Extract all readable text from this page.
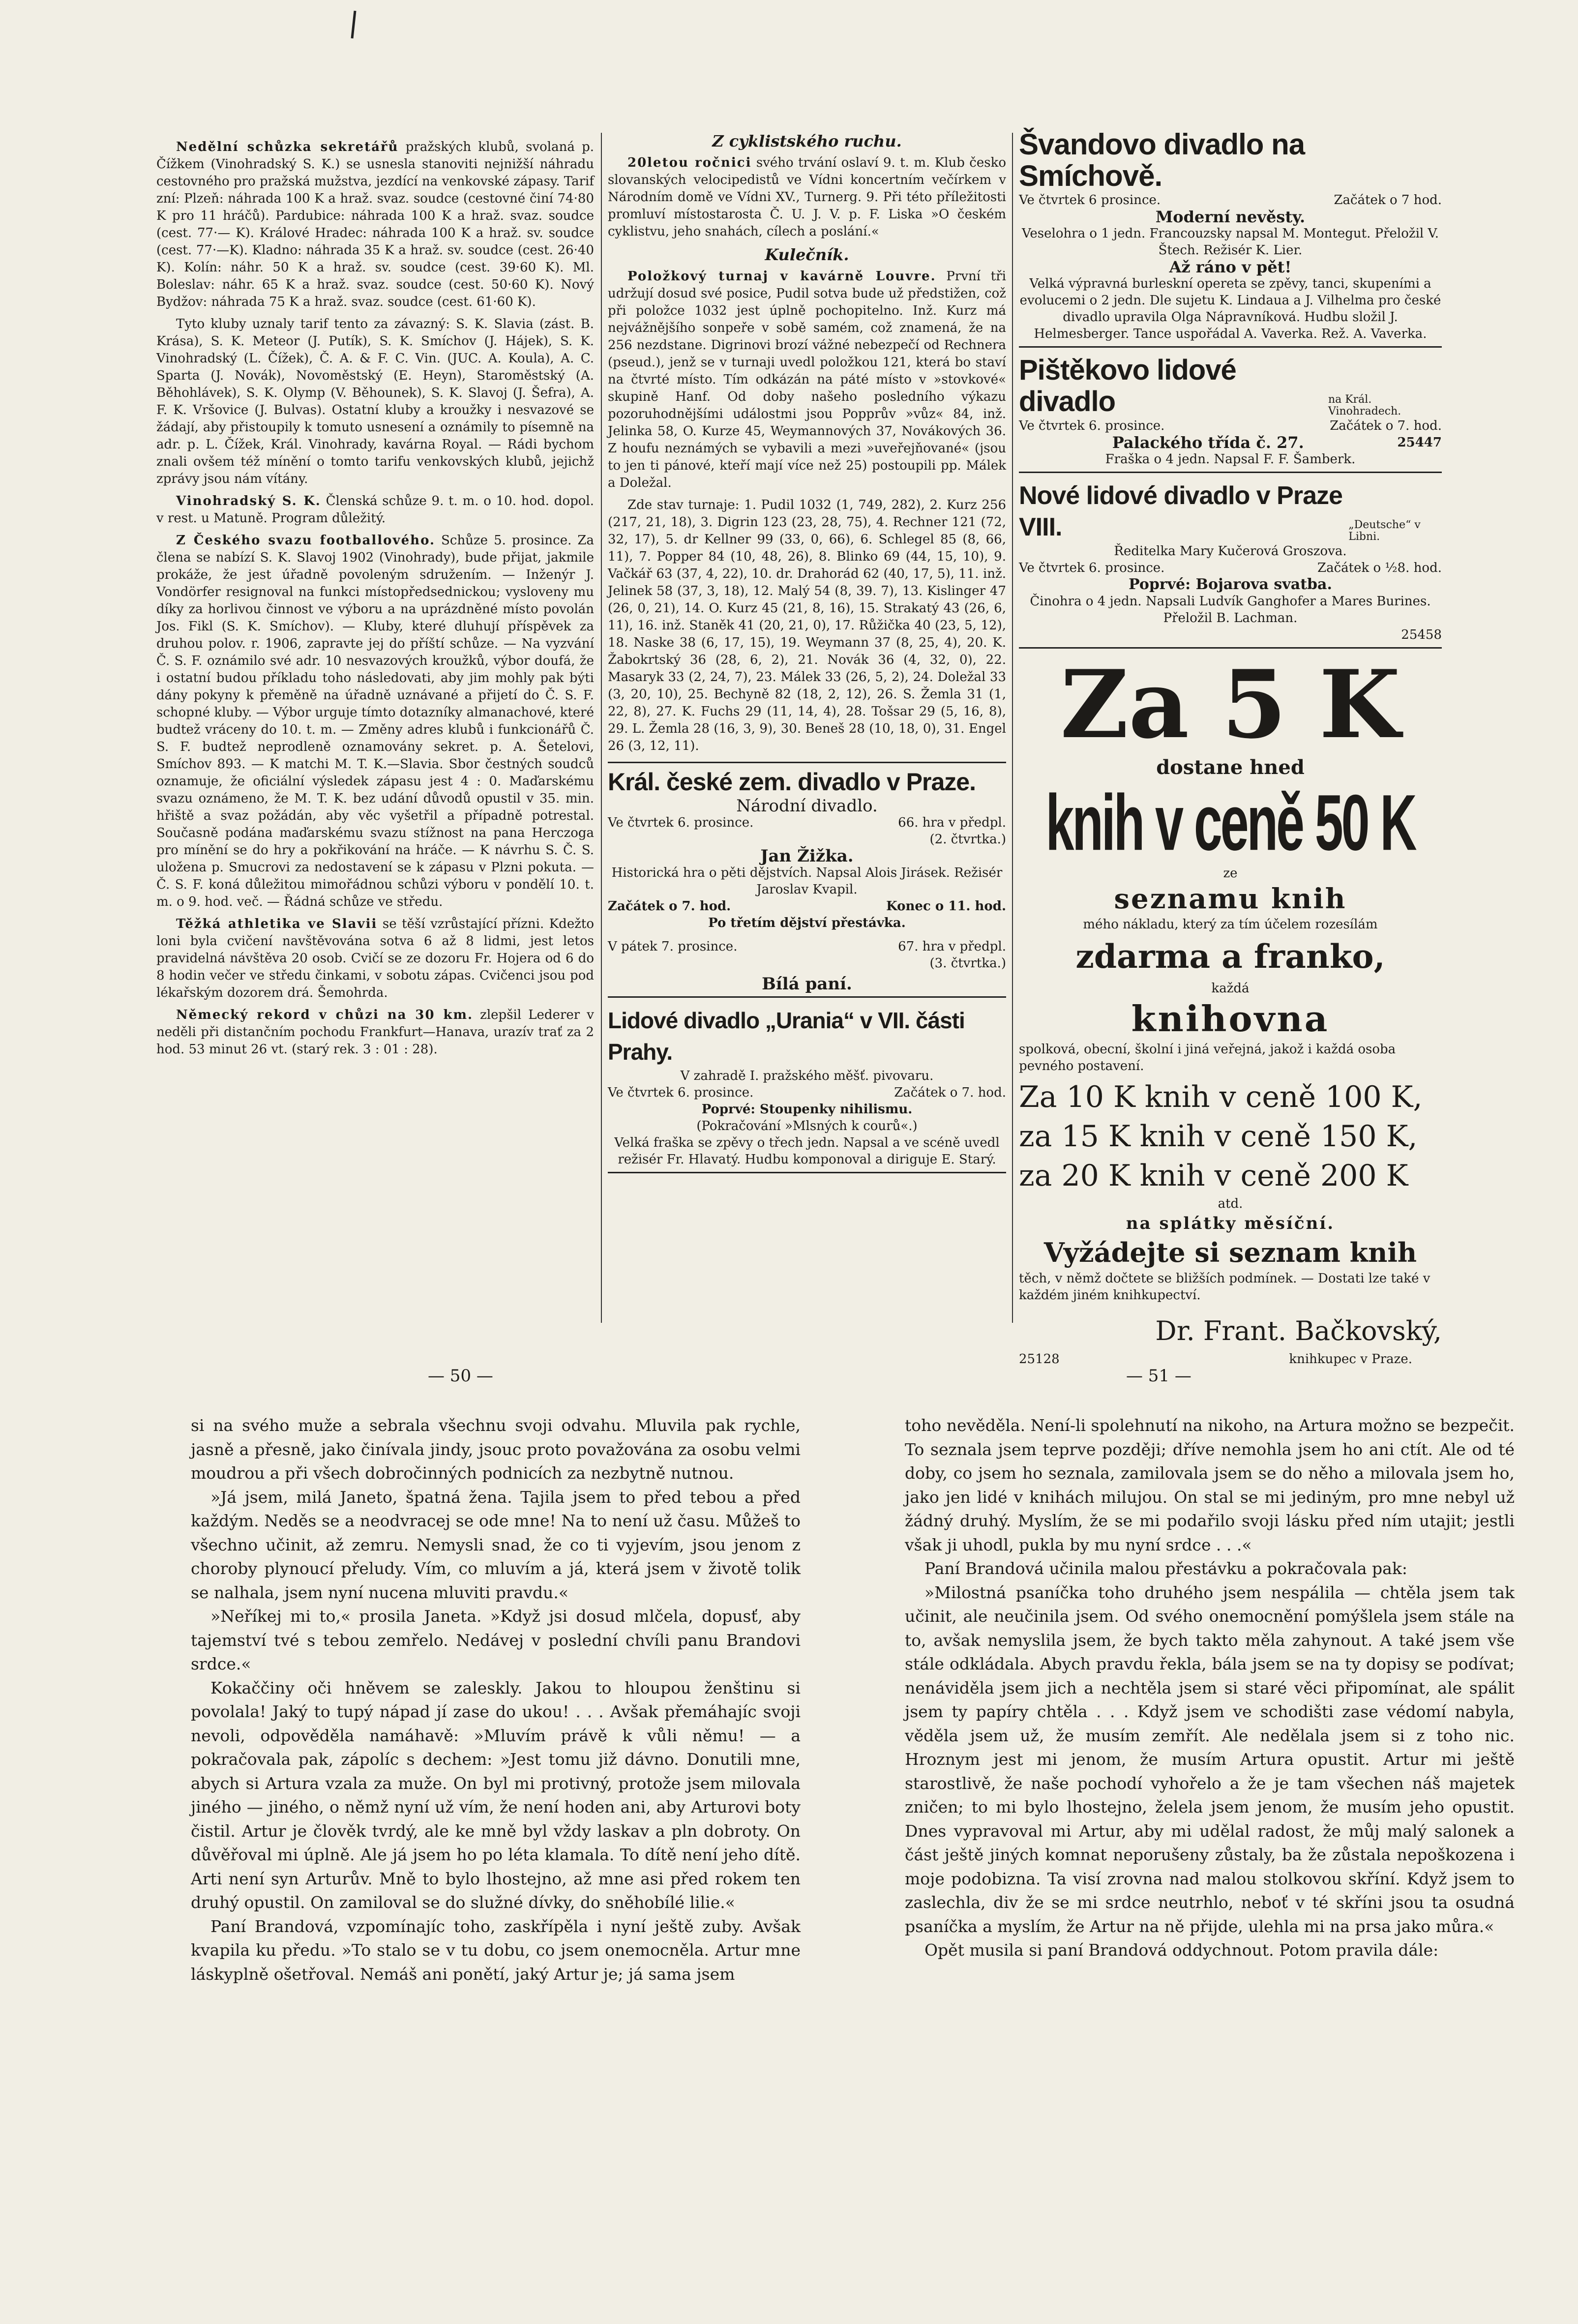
Nedělní schůzka sekretářů pražských klubů, svolaná p. Čížkem (Vinohradský S. K.) se usnesla stanoviti nejnižší náhradu cestovného pro pražská mužstva, jezdící na venkovské zápasy. Tarif zní: Plzeň: náhrada 100 K a hraž. svaz. soudce (cestovné činí 74·80 K pro 11 hráčů). Pardubice: náhrada 100 K a hraž. svaz. soudce (cest. 77·— K). Králové Hradec: náhrada 100 K a hraž. sv. soudce (cest. 77·—K). Kladno: náhrada 35 K a hraž. sv. soudce (cest. 26·40 K). Kolín: náhr. 50 K a hraž. sv. soudce (cest. 39·60 K). Ml. Boleslav: náhr. 65 K a hraž. svaz. soudce (cest. 50·60 K). Nový Bydžov: náhrada 75 K a hraž. svaz. soudce (cest. 61·60 K).

Tyto kluby uznaly tarif tento za závazný: S. K. Slavia (zást. B. Krása), S. K. Meteor (J. Putík), S. K. Smíchov (J. Hájek), S. K. Vinohradský (L. Čížek), Č. A. & F. C. Vin. (JUC. A. Koula), A. C. Sparta (J. Novák), Novoměstský (E. Heyn), Staroměstský (A. Běhohlávek), S. K. Olymp (V. Běhounek), S. K. Slavoj (J. Šefra), A. F. K. Vršovice (J. Bulvas). Ostatní kluby a kroužky i nesvazové se žádají, aby přistoupily k tomuto usnesení a oznámily to písemně na adr. p. L. Čížek, Král. Vinohrady, kavárna Royal. — Rádi bychom znali ovšem též mínění o tomto tarifu venkovských klubů, jejichž zprávy jsou nám vítány.

Vinohradský S. K. Členská schůze 9. t. m. o 10. hod. dopol. v rest. u Matuně. Program důležitý.

Z Českého svazu footballového. Schůze 5. prosince. Za člena se nabízí S. K. Slavoj 1902 (Vinohrady), bude přijat, jakmile prokáže, že jest úřadně povoleným sdružením. — Inženýr J. Vondörfer resignoval na funkci místopředsednickou; vysloveny mu díky za horlivou činnost ve výboru a na uprázdněné místo povolán Jos. Fikl (S. K. Smíchov). — Kluby, které dluhují příspěvek za druhou polov. r. 1906, zapravte jej do příští schůze. — Na vyzvání Č. S. F. oznámilo své adr. 10 nesvazových kroužků, výbor doufá, že i ostatní budou příkladu toho následovati, aby jim mohly pak býti dány pokyny k přeměně na úřadně uznávané a přijetí do Č. S. F. schopné kluby. — Výbor urguje tímto dotazníky almanachové, které budtež vráceny do 10. t. m. — Změny adres klubů i funkcionářů Č. S. F. budtež neprodleně oznamovány sekret. p. A. Šetelovi, Smíchov 893. — K matchi M. T. K.—Slavia. Sbor čestných soudců oznamuje, že oficiální výsledek zápasu jest 4 : 0. Maďarskému svazu oznámeno, že M. T. K. bez udání důvodů opustil v 35. min. hřiště a svaz požádán, aby věc vyšetřil a případně potrestal. Současně podána maďarskému svazu stížnost na pana Herczoga pro mínění se do hry a pokřikování na hráče. — K návrhu S. Č. S. uložena p. Smucrovi za nedostavení se k zápasu v Plzni pokuta. — Č. S. F. koná důležitou mimořádnou schůzi výboru v pondělí 10. t. m. o 9. hod. več. — Řádná schůze ve středu.

Těžká athletika ve Slavii se těší vzrůstající přízni. Kdežto loni byla cvičení navštěvována sotva 6 až 8 lidmi, jest letos pravidelná návštěva 20 osob. Cvičí se ze dozoru Fr. Hojera od 6 do 8 hodin večer ve středu činkami, v sobotu zápas. Cvičenci jsou pod lékařským dozorem drá. Šemohrda.

Německý rekord v chůzi na 30 km. zlepšil Lederer v neděli při distančním pochodu Frankfurt—Hanava, urazív trať za 2 hod. 53 minut 26 vt. (starý rek. 3 : 01 : 28).

Z cyklistského ruchu.

20letou ročnici svého trvání oslaví 9. t. m. Klub česko slovanských velocipedistů ve Vídni koncertním večírkem v Národním domě ve Vídni XV., Turnerg. 9. Při této příležitosti promluví místostarosta Č. U. J. V. p. F. Liska »O českém cyklistvu, jeho snahách, cílech a poslání.«

Kulečník.

Položkový turnaj v kavárně Louvre. První tři udržují dosud své posice, Pudil sotva bude už předstižen, což při položce 1032 jest úplně pochopitelno. Inž. Kurz má nejvážnějšího sonpeře v sobě samém, což znamená, že na 256 nezdstane. Digrinovi brozí vážné nebezpečí od Rechnera (pseud.), jenž se v turnaji uvedl položkou 121, která bo staví na čtvrté místo. Tím odkázán na páté místo v »stovkové« skupině Hanf. Od doby našeho posledního výkazu pozoruhodnějšími událostmi jsou Popprův »vůz« 84, inž. Jelinka 58, O. Kurze 45, Weymannových 37, Novákových 36. Z houfu neznámých se vybavili a mezi »uveřejňované« (jsou to jen ti pánové, kteří mají více než 25) postoupili pp. Málek a Doležal.

Zde stav turnaje: 1. Pudil 1032 (1, 749, 282), 2. Kurz 256 (217, 21, 18), 3. Digrin 123 (23, 28, 75), 4. Rechner 121 (72, 32, 17), 5. dr Kellner 99 (33, 0, 66), 6. Schlegel 85 (8, 66, 11), 7. Popper 84 (10, 48, 26), 8. Blinko 69 (44, 15, 10), 9. Vačkář 63 (37, 4, 22), 10. dr. Drahorád 62 (40, 17, 5), 11. inž. Jelinek 58 (37, 3, 18), 12. Malý 54 (8, 39. 7), 13. Kislinger 47 (26, 0, 21), 14. O. Kurz 45 (21, 8, 16), 15. Strakatý 43 (26, 6, 11), 16. inž. Staněk 41 (20, 21, 0), 17. Růžička 40 (23, 5, 12), 18. Naske 38 (6, 17, 15), 19. Weymann 37 (8, 25, 4), 20. K. Žabokrtský 36 (28, 6, 2), 21. Novák 36 (4, 32, 0), 22. Masaryk 33 (2, 24, 7), 23. Málek 33 (26, 5, 2), 24. Doležal 33 (3, 20, 10), 25. Bechyně 82 (18, 2, 12), 26. S. Žemla 31 (1, 22, 8), 27. K. Fuchs 29 (11, 14, 4), 28. Tošsar 29 (5, 16, 8), 29. L. Žemla 28 (16, 3, 9), 30. Beneš 28 (10, 18, 0), 31. Engel 26 (3, 12, 11).

Král. české zem. divadlo v Praze.
Národní divadlo.
Ve čtvrtek 6. prosince.	66. hra v předpl.
(2. čtvrtka.)
Jan Žižka.
Historická hra o pěti dějstvích. Napsal Alois Jirásek. Režisér Jaroslav Kvapil.
Začátek o 7. hod.	Konec o 11. hod.
Po třetím dějství přestávka.
V pátek 7. prosince.	67. hra v předpl.
(3. čtvrtka.)
Bílá paní.
Lidové divadlo „Urania“ v VII. části Prahy.
V zahradě I. pražského měšť. pivovaru.
Ve čtvrtek 6. prosince.	Začátek o 7. hod.
Poprvé: Stoupenky nihilismu.
(Pokračování »Mlsných k courů«.)
Velká fraška se zpěvy o třech jedn. Napsal a ve scéně uvedl režisér Fr. Hlavatý. Hudbu komponoval a diriguje E. Starý.
Švandovo divadlo na Smíchově.
Ve čtvrtek 6 prosince.	Začátek o 7 hod.
Moderní nevěsty.
Veselohra o 1 jedn. Francouzsky napsal M. Montegut. Přeložil V. Štech. Režisér K. Lier.
Až ráno v pět!
Velká výpravná burleskní opereta se zpěvy, tanci, skupeními a evolucemi o 2 jedn. Dle sujetu K. Lindaua a J. Vilhelma pro české divadlo upravila Olga Nápravníková. Hudbu složil J. Helmesberger. Tance uspořádal A. Vaverka. Rež. A. Vaverka.
Pištěkovo lidové divadlo	na Král. Vinohradech.
Ve čtvrtek 6. prosince.	Začátek o 7. hod.
Palackého třída č. 27.	25447
Fraška o 4 jedn. Napsal F. F. Šamberk.
Nové lidové divadlo v Praze VIII.	„Deutsche“ v Libni.
Ředitelka Mary Kučerová Groszova.
Ve čtvrtek 6. prosince.	Začátek o ½8. hod.
Poprvé: Bojarova svatba.
Činohra o 4 jedn. Napsali Ludvík Ganghofer a Mares Burines. Přeložil B. Lachman.
25458
Za 5 K
dostane hned
knih v ceně 50 K
ze
seznamu knih
mého nákladu, který za tím účelem rozesílám
zdarma a franko,
každá
knihovna
spolková, obecní, školní i jiná veřejná, jakož i každá osoba pevného postavení.
Za 10 K knih v ceně 100 K,
za 15 K knih v ceně 150 K,
za 20 K knih v ceně 200 K
atd.
na splátky měsíční.
Vyžádejte si seznam knih
těch, v němž dočtete se bližších podmínek. — Dostati lze také v každém jiném knihkupectví.
Dr. Frant. Bačkovský,
25128	knihkupec v Praze.
— 50 —	— 51 —

si na svého muže a sebrala všechnu svoji odvahu. Mluvila pak rychle, jasně a přesně, jako činívala jindy, jsouc proto považována za osobu velmi moudrou a při všech dobročinných podnicích za nezbytně nutnou.

»Já jsem, milá Janeto, špatná žena. Tajila jsem to před tebou a před každým. Neděs se a neodvracej se ode mne! Na to není už času. Můžeš to všechno učinit, až zemru. Nemysli snad, že co ti vyjevím, jsou jenom z choroby plynoucí přeludy. Vím, co mluvím a já, která jsem v životě tolik se nalhala, jsem nyní nucena mluviti pravdu.«

»Neříkej mi to,« prosila Janeta. »Když jsi dosud mlčela, dopusť, aby tajemství tvé s tebou zemřelo. Nedávej v poslední chvíli panu Brandovi srdce.«

Kokaččiny oči hněvem se zaleskly. Jakou to hloupou ženštinu si povolala! Jaký to tupý nápad jí zase do ukou! . . . Avšak přemáhajíc svoji nevoli, odpověděla namáhavě: »Mluvím právě k vůli němu! — a pokračovala pak, zápolíc s dechem: »Jest tomu již dávno. Donutili mne, abych si Artura vzala za muže. On byl mi protivný, protože jsem milovala jiného — jiného, o němž nyní už vím, že není hoden ani, aby Arturovi boty čistil. Artur je člověk tvrdý, ale ke mně byl vždy laskav a pln dobroty. On důvěřoval mi úplně. Ale já jsem ho po léta klamala. To dítě není jeho dítě. Arti není syn Arturův. Mně to bylo lhostejno, až mne asi před rokem ten druhý opustil. On zamiloval se do služné dívky, do sněhobílé lilie.«

Paní Brandová, vzpomínajíc toho, zaskřípěla i nyní ještě zuby. Avšak kvapila ku předu. »To stalo se v tu dobu, co jsem onemocněla. Artur mne láskyplně ošetřoval. Nemáš ani ponětí, jaký Artur je; já sama jsem

toho nevěděla. Není-li spolehnutí na nikoho, na Artura možno se bezpečit. To seznala jsem teprve později; dříve nemohla jsem ho ani ctít. Ale od té doby, co jsem ho seznala, zamilovala jsem se do něho a milovala jsem ho, jako jen lidé v knihách milujou. On stal se mi jediným, pro mne nebyl už žádný druhý. Myslím, že se mi podařilo svoji lásku před ním utajit; jestli však ji uhodl, pukla by mu nyní srdce . . .«

Paní Brandová učinila malou přestávku a pokračovala pak:

»Milostná psaníčka toho druhého jsem nespálila — chtěla jsem tak učinit, ale neučinila jsem. Od svého onemocnění pomýšlela jsem stále na to, avšak nemyslila jsem, že bych takto měla zahynout. A také jsem vše stále odkládala. Abych pravdu řekla, bála jsem se na ty dopisy se podívat; nenáviděla jsem jich a nechtěla jsem si staré věci připomínat, ale spálit jsem ty papíry chtěla . . . Když jsem ve schodišti zase védomí nabyla, věděla jsem už, že musím zemřít. Ale nedělala jsem si z toho nic. Hroznym jest mi jenom, že musím Artura opustit. Artur mi ještě starostlivě, že naše pochodí vyhořelo a že je tam všechen náš majetek zničen; to mi bylo lhostejno, želela jsem jenom, že musím jeho opustit. Dnes vypravoval mi Artur, aby mi udělal radost, že můj malý salonek a část ještě jiných komnat neporušeny zůstaly, ba že zůstala nepoškozena i moje podobizna. Ta visí zrovna nad malou stolkovou skříní. Když jsem to zaslechla, div že se mi srdce neutrhlo, neboť v té skříni jsou ta osudná psaníčka a myslím, že Artur na ně přijde, ulehla mi na prsa jako můra.«

Opět musila si paní Brandová oddychnout. Potom pravila dále:
